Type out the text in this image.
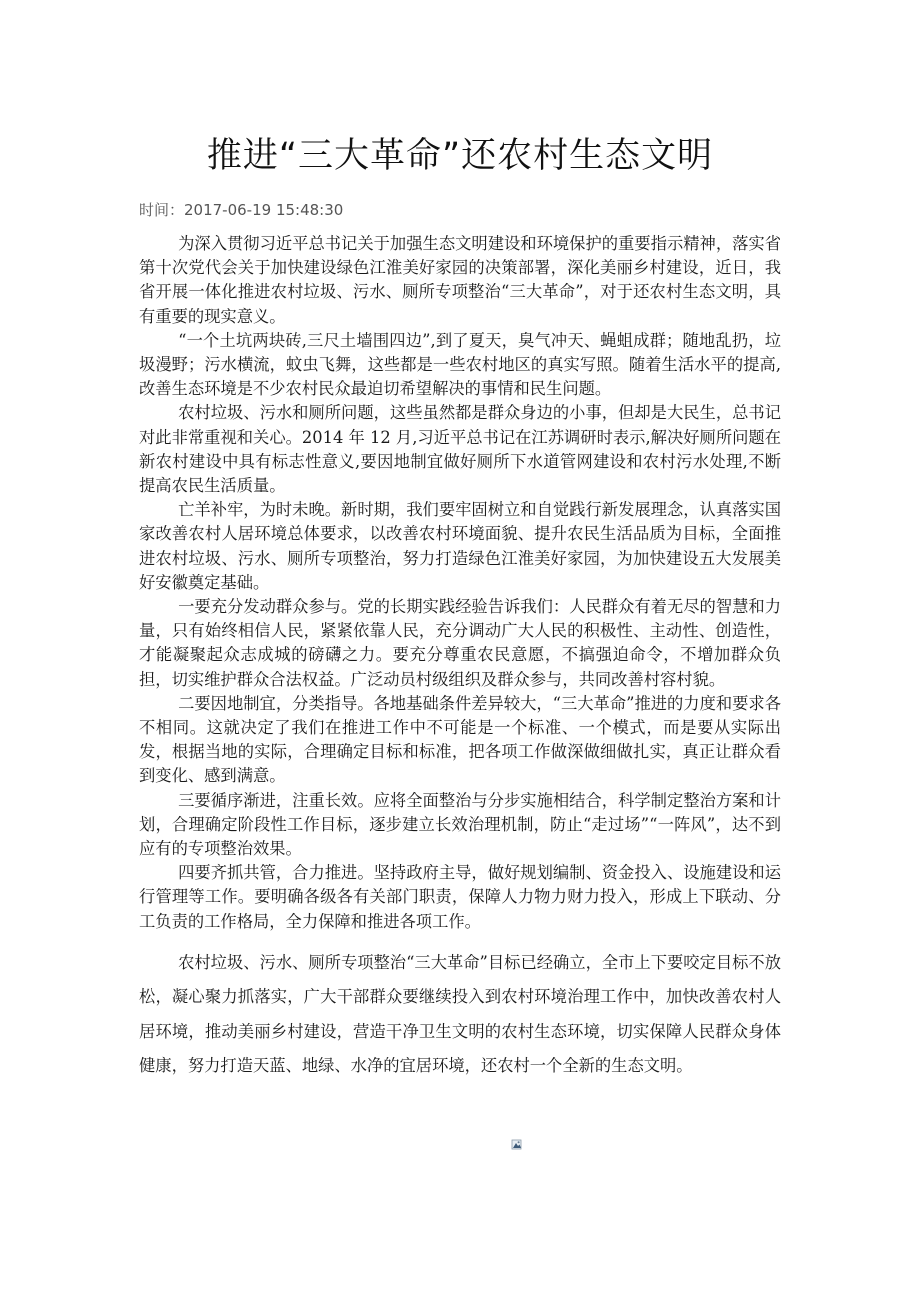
推进“三大革命”还农村生态文明
时间：2017-06-19 15:48:30

为深入贯彻习近平总书记关于加强生态文明建设和环境保护的重要指示精神，落实省第十次党代会关于加快建设绿色江淮美好家园的决策部署，深化美丽乡村建设，近日，我省开展一体化推进农村垃圾、污水、厕所专项整治“三大革命”，对于还农村生态文明，具有重要的现实意义。

“一个土坑两块砖,三尺土墙围四边”,到了夏天，臭气冲天、蝇蛆成群；随地乱扔，垃圾漫野；污水横流，蚊虫飞舞，这些都是一些农村地区的真实写照。随着生活水平的提高,改善生态环境是不少农村民众最迫切希望解决的事情和民生问题。

农村垃圾、污水和厕所问题，这些虽然都是群众身边的小事，但却是大民生，总书记对此非常重视和关心。2014 年 12 月,习近平总书记在江苏调研时表示,解决好厕所问题在新农村建设中具有标志性意义,要因地制宜做好厕所下水道管网建设和农村污水处理,不断提高农民生活质量。

亡羊补牢，为时未晚。新时期，我们要牢固树立和自觉践行新发展理念，认真落实国家改善农村人居环境总体要求，以改善农村环境面貌、提升农民生活品质为目标，全面推进农村垃圾、污水、厕所专项整治，努力打造绿色江淮美好家园，为加快建设五大发展美好安徽奠定基础。

一要充分发动群众参与。党的长期实践经验告诉我们：人民群众有着无尽的智慧和力量，只有始终相信人民，紧紧依靠人民，充分调动广大人民的积极性、主动性、创造性，才能凝聚起众志成城的磅礴之力。要充分尊重农民意愿，不搞强迫命令，不增加群众负担，切实维护群众合法权益。广泛动员村级组织及群众参与，共同改善村容村貌。

二要因地制宜，分类指导。各地基础条件差异较大，“三大革命”推进的力度和要求各不相同。这就决定了我们在推进工作中不可能是一个标准、一个模式，而是要从实际出发，根据当地的实际，合理确定目标和标准，把各项工作做深做细做扎实，真正让群众看到变化、感到满意。

三要循序渐进，注重长效。应将全面整治与分步实施相结合，科学制定整治方案和计划，合理确定阶段性工作目标，逐步建立长效治理机制，防止“走过场”“一阵风”，达不到应有的专项整治效果。

四要齐抓共管，合力推进。坚持政府主导，做好规划编制、资金投入、设施建设和运行管理等工作。要明确各级各有关部门职责，保障人力物力财力投入，形成上下联动、分工负责的工作格局，全力保障和推进各项工作。

农村垃圾、污水、厕所专项整治“三大革命”目标已经确立，全市上下要咬定目标不放松，凝心聚力抓落实，广大干部群众要继续投入到农村环境治理工作中，加快改善农村人居环境，推动美丽乡村建设，营造干净卫生文明的农村生态环境，切实保障人民群众身体健康，努力打造天蓝、地绿、水净的宜居环境，还农村一个全新的生态文明。
